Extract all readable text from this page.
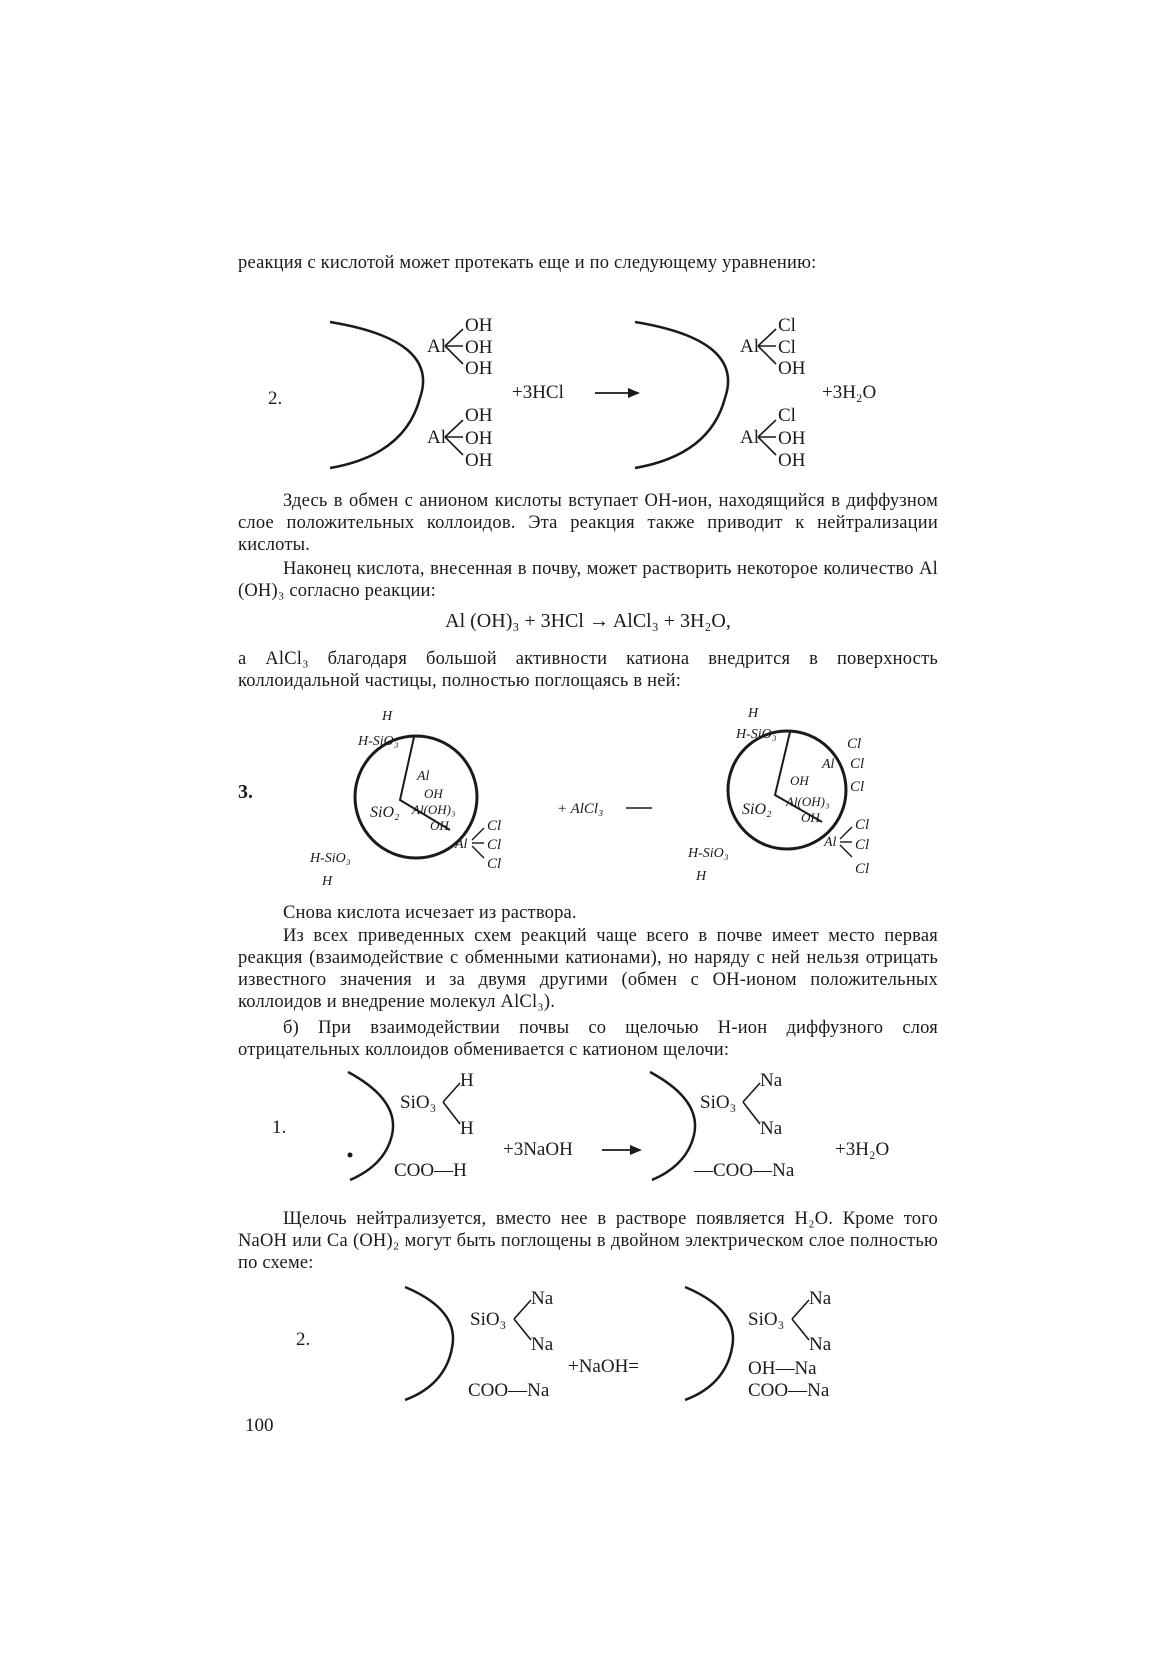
реакция с кислотой может протекать еще и по следующему уравнению:
2.
Al
OH
OH
OH
Al
OH
OH
OH
+3HCl
Al
Cl
Cl
OH
Al
Cl
OH
OH
+3H₂O
Здесь в обмен с анионом кислоты вступает OH-ион, находящийся в диффузном слое положительных коллоидов. Эта реакция также приводит к нейтрализации кислоты.
Наконец кислота, внесенная в почву, может растворить некоторое количество Al (OH)₃ согласно реакции:
Al (OH)₃ + 3HCl → AlCl₃ + 3H₂O,
а AlCl₃ благодаря большой активности катиона внедрится в поверхность коллоидальной частицы, полностью поглощаясь в ней:
3.
Al
OH
Al(OH)₃
OH
SiO₂
H
H-SiO₃
H-SiO₃
H
Al
Cl
Cl
Cl
+ AlCl₃
OH
Al(OH)₃
OH
SiO₂
H
H-SiO₃
H-SiO₃
H
Al
Cl
Cl
Cl
Al
Cl
Cl
Cl
Снова кислота исчезает из раствора.
Из всех приведенных схем реакций чаще всего в почве имеет место первая реакция (взаимодействие с обменными катионами), но наряду с ней нельзя отрицать известного значения и за двумя другими (обмен с OH-ионом положительных коллоидов и внедрение молекул AlCl₃).
б) При взаимодействии почвы со щелочью H-ион диффузного слоя отрицательных коллоидов обменивается с катионом щелочи:
1.
SiO₃
H
H
COO—H
+3NaOH
SiO₃
Na
Na
—COO—Na
+3H₂O
Щелочь нейтрализуется, вместо нее в растворе появляется H₂O. Кроме того NaOH или Ca (OH)₂ могут быть поглощены в двойном электрическом слое полностью по схеме:
2.
SiO₃
Na
Na
+NaOH=
COO—Na
SiO₃
Na
Na
OH—Na
COO—Na
100
